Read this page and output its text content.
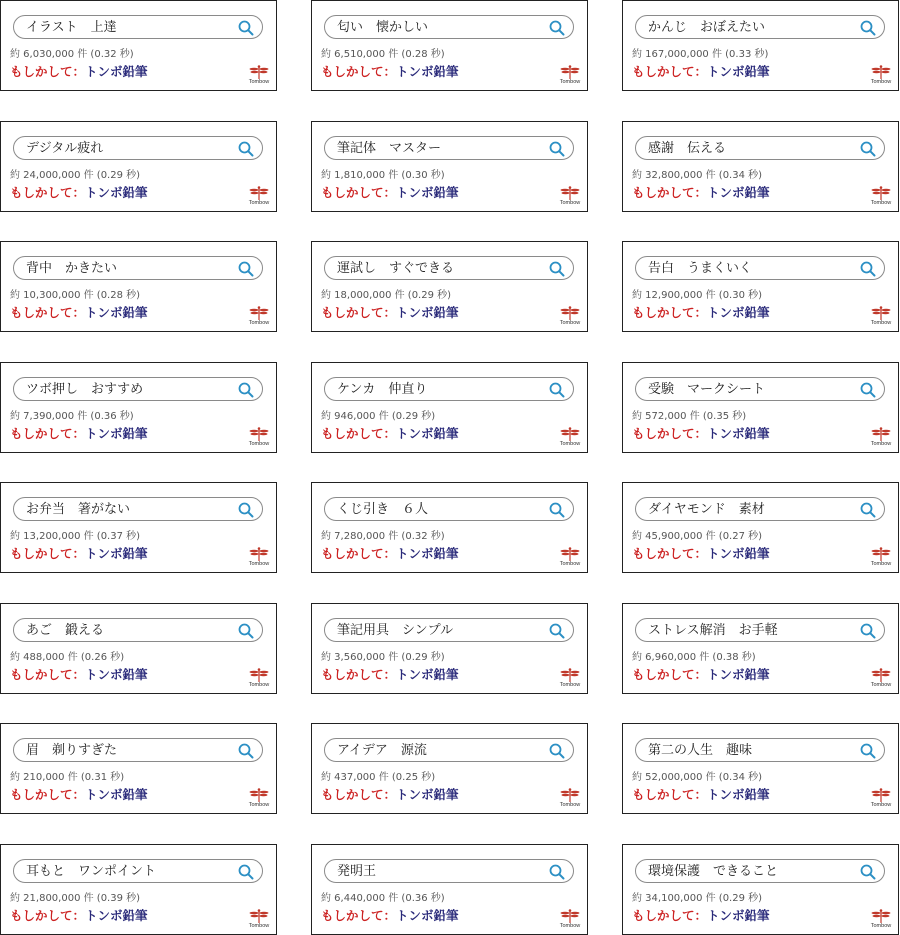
イラスト　上達
約 6,030,000 件 (0.32 秒)
もしかして：トンボ鉛筆
Tombow
匂い　懐かしい
約 6,510,000 件 (0.28 秒)
もしかして：トンボ鉛筆
Tombow
かんじ　おぼえたい
約 167,000,000 件 (0.33 秒)
もしかして：トンボ鉛筆
Tombow
デジタル疲れ
約 24,000,000 件 (0.29 秒)
もしかして：トンボ鉛筆
Tombow
筆記体　マスター
約 1,810,000 件 (0.30 秒)
もしかして：トンボ鉛筆
Tombow
感謝　伝える
約 32,800,000 件 (0.34 秒)
もしかして：トンボ鉛筆
Tombow
背中　かきたい
約 10,300,000 件 (0.28 秒)
もしかして：トンボ鉛筆
Tombow
運試し　すぐできる
約 18,000,000 件 (0.29 秒)
もしかして：トンボ鉛筆
Tombow
告白　うまくいく
約 12,900,000 件 (0.30 秒)
もしかして：トンボ鉛筆
Tombow
ツボ押し　おすすめ
約 7,390,000 件 (0.36 秒)
もしかして：トンボ鉛筆
Tombow
ケンカ　仲直り
約 946,000 件 (0.29 秒)
もしかして：トンボ鉛筆
Tombow
受験　マークシート
約 572,000 件 (0.35 秒)
もしかして：トンボ鉛筆
Tombow
お弁当　箸がない
約 13,200,000 件 (0.37 秒)
もしかして：トンボ鉛筆
Tombow
くじ引き　６人
約 7,280,000 件 (0.32 秒)
もしかして：トンボ鉛筆
Tombow
ダイヤモンド　素材
約 45,900,000 件 (0.27 秒)
もしかして：トンボ鉛筆
Tombow
あご　鍛える
約 488,000 件 (0.26 秒)
もしかして：トンボ鉛筆
Tombow
筆記用具　シンプル
約 3,560,000 件 (0.29 秒)
もしかして：トンボ鉛筆
Tombow
ストレス解消　お手軽
約 6,960,000 件 (0.38 秒)
もしかして：トンボ鉛筆
Tombow
眉　剃りすぎた
約 210,000 件 (0.31 秒)
もしかして：トンボ鉛筆
Tombow
アイデア　源流
約 437,000 件 (0.25 秒)
もしかして：トンボ鉛筆
Tombow
第二の人生　趣味
約 52,000,000 件 (0.34 秒)
もしかして：トンボ鉛筆
Tombow
耳もと　ワンポイント
約 21,800,000 件 (0.39 秒)
もしかして：トンボ鉛筆
Tombow
発明王
約 6,440,000 件 (0.36 秒)
もしかして：トンボ鉛筆
Tombow
環境保護　できること
約 34,100,000 件 (0.29 秒)
もしかして：トンボ鉛筆
Tombow
